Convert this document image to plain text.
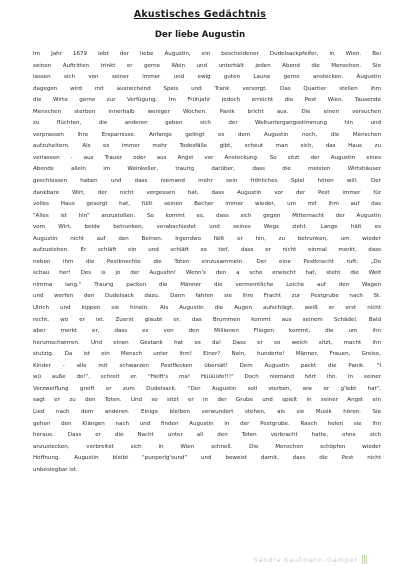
Akustisches Gedächtnis
Der liebe Augustin
Im Jahr 1679 lebt der liebe Augustin, ein bescheidener Dudelsackpfeifer, in Wien. Bei
seinen Auftritten trinkt er gerne Wein und unterhält jeden Abend die Menschen. Sie
lassen sich von seiner immer und ewig guten Laune gerne anstecken. Augustin
dagegen wird mit ausreichend Speis und Trank versorgt. Das Quartier stellen ihm
die Wirte gerne zur Verfügung. Im Frühjahr jedoch erreicht die Pest Wien. Tausende
Menschen sterben innerhalb weniger Wochen. Panik bricht aus. Die einen versuchen
zu flüchten, die anderen geben sich der Weltuntergangsstimmung hin und
verprassen ihre Ersparnisse. Anfangs gelingt es dem Augustin noch, die Menschen
aufzuheitern. Als es immer mehr Todesfälle gibt, scheut man sich, das Haus zu
verlassen - aus Trauer oder aus Angst vor Ansteckung. So sitzt der Augustin eines
Abends allein im Weinkeller, traurig darüber, dass die meisten Wirtshäuser
geschlossen haben und dass niemand mehr sein fröhliches Spiel hören will. Der
dankbare Wirt, der nicht vergessen hat, dass Augustin vor der Pest immer für
volles Haus gesorgt hat, füllt seinen Becher immer wieder, um mit ihm auf das
"Alles ist hin" anzustoßen. So kommt es, dass sich gegen Mitternacht der Augustin
vom Wirt, beide betrunken, verabschiedet und seines Wegs zieht. Lange hält es
Augustin nicht auf den Beinen. Irgendwo fällt er hin, zu betrunken, um wieder
aufzustehen. Er schläft ein und schläft so tief, dass er nicht einmal merkt, dass
neben ihm die Pestknechte die Toten einzusammeln. Der eine Pestknecht ruft: „Do
schau her! Des is jo der Augustin! Wenn's den a scho erwischt hat, steht die Welt
nimma lang." Traurig packen die Männer die vermeintliche Leiche auf den Wagen
und werfen den Dudelsack dazu. Dann fahren sie ihre Fracht zur Pestgrube nach St.
Ulrich und kippen sie hinein. Als Augustin die Augen aufschlägt, weiß er erst nicht
recht, wo er ist. Zuerst glaubt er, das Brummen kommt aus seinem Schädel. Bald
aber merkt er, dass es von den Millionen Fliegen kommt, die um ihn
herumschwirren. Und einen Gestank hat es da! Dass er so weich sitzt, macht ihn
stutzig. Da ist ein Mensch unter ihm! Einer? Nein, hunderte! Männer, Frauen, Greise,
Kinder - alle mit schwarzen Pestflecken übersät! Dem Augustin packt die Panik. "I
wü auße do!", schreit er. "Helft's ma! Hüüüüfe!!!" Doch niemand hört ihn. In seiner
Verzweiflung greift er zum Dudelsack. "Der Augustin soll sterben, wie er g'lebt hat",
sagt er zu den Toten. Und so sitzt er in der Grube und spielt in seiner Angst ein
Lied nach dem anderen. Einige bleiben verwundert stehen, als sie Musik hören. Sie
gehen den Klängen nach und finden Augustin in der Pestgrube. Rasch holen sie ihn
heraus. Dass er die Nacht unter all den Toten verbracht hatte, ohne sich
anzustecken, verbreitet sich in Wien schnell. Die Menschen schöpfen wieder
Hoffnung. Augustin bleibt "punperlg'sund" und beweist damit, dass die Pest nicht
unbesiegbar ist.
Sandra Kaufmann-Gamper
